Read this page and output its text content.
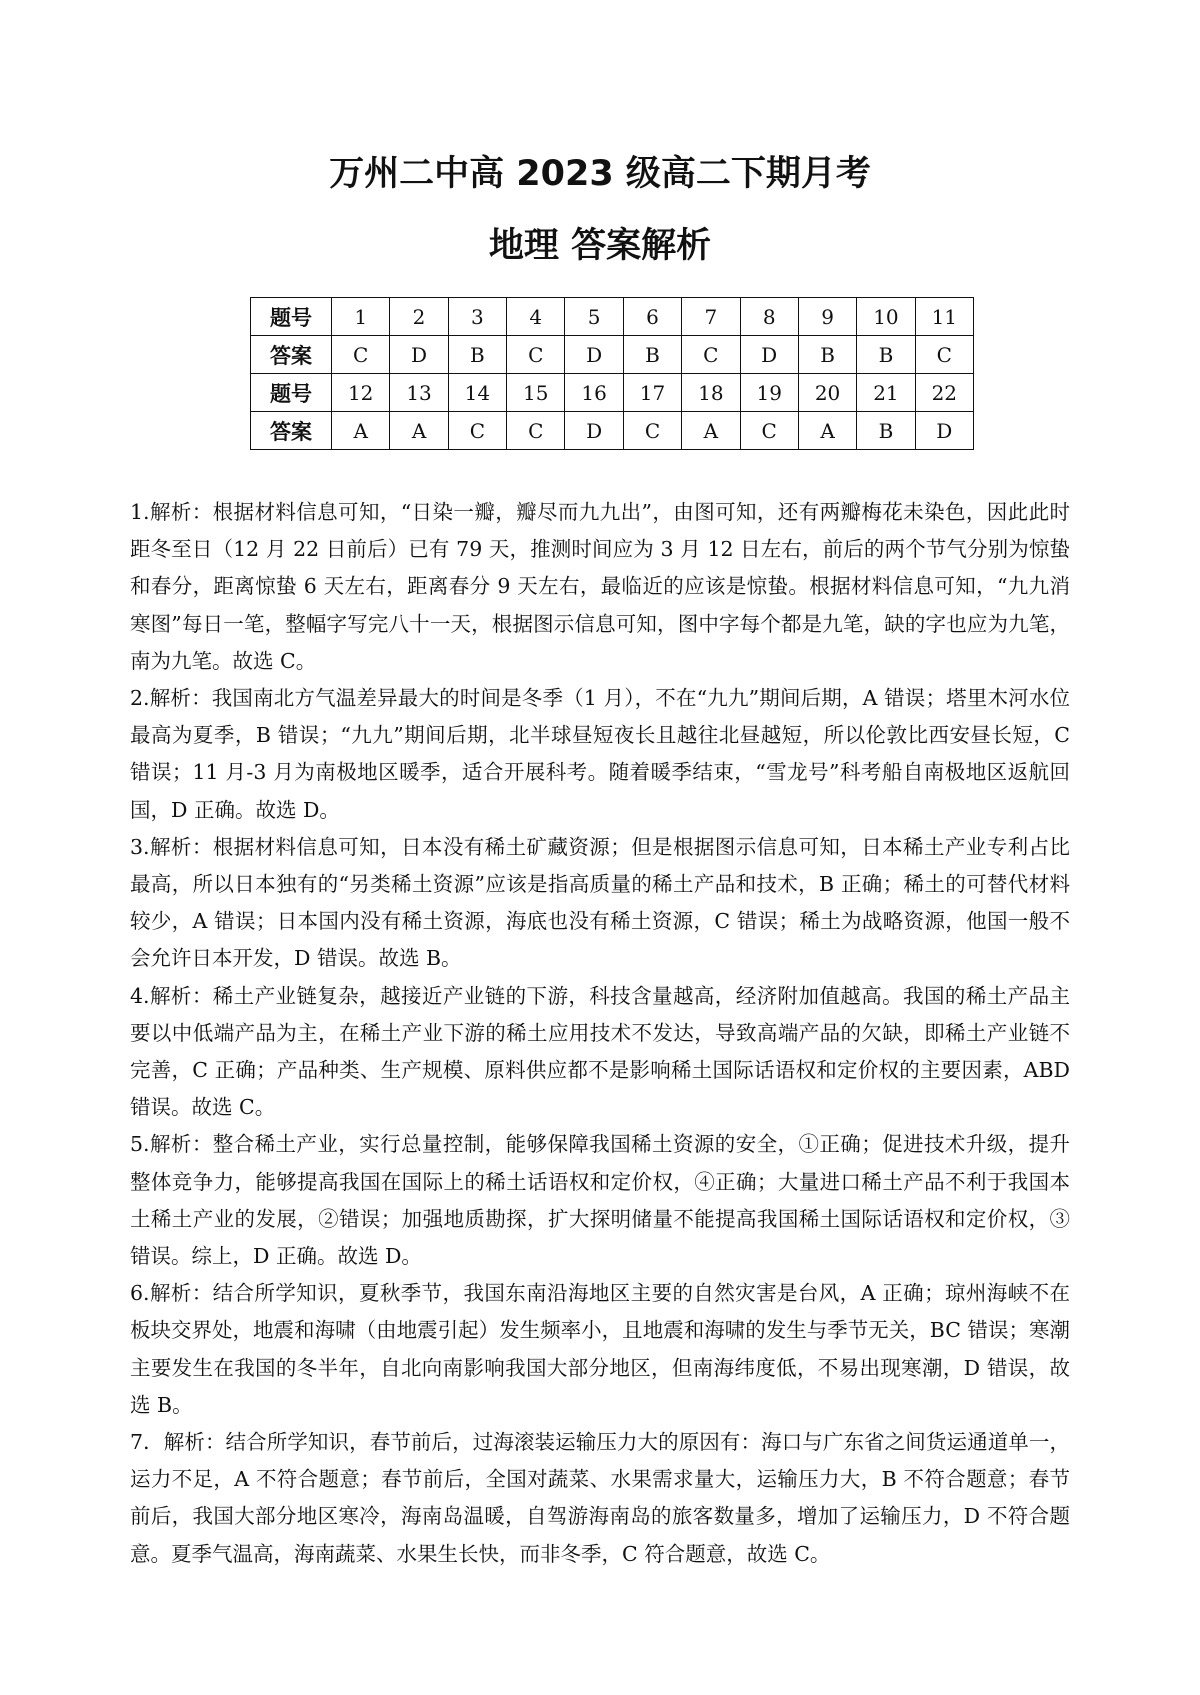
万州二中高 2023 级高二下期月考
地理 答案解析
题号	1	2	3	4	5	6	7	8	9	10	11
答案	C	D	B	C	D	B	C	D	B	B	C
题号	12	13	14	15	16	17	18	19	20	21	22
答案	A	A	C	C	D	C	A	C	A	B	D

1.解析：根据材料信息可知，“日染一瓣，瓣尽而九九出”，由图可知，还有两瓣梅花未染色，因此此时距冬至日（12 月 22 日前后）已有 79 天，推测时间应为 3 月 12 日左右，前后的两个节气分别为惊蛰和春分，距离惊蛰 6 天左右，距离春分 9 天左右，最临近的应该是惊蛰。根据材料信息可知，“九九消寒图”每日一笔，整幅字写完八十一天，根据图示信息可知，图中字每个都是九笔，缺的字也应为九笔，南为九笔。故选 C。

2.解析：我国南北方气温差异最大的时间是冬季（1 月），不在“九九”期间后期，A 错误；塔里木河水位最高为夏季，B 错误；“九九”期间后期，北半球昼短夜长且越往北昼越短，所以伦敦比西安昼长短，C 错误；11 月-3 月为南极地区暖季，适合开展科考。随着暖季结束，“雪龙号”科考船自南极地区返航回国，D 正确。故选 D。

3.解析：根据材料信息可知，日本没有稀土矿藏资源；但是根据图示信息可知，日本稀土产业专利占比最高，所以日本独有的“另类稀土资源”应该是指高质量的稀土产品和技术，B 正确；稀土的可替代材料较少，A 错误；日本国内没有稀土资源，海底也没有稀土资源，C 错误；稀土为战略资源，他国一般不会允许日本开发，D 错误。故选 B。

4.解析：稀土产业链复杂，越接近产业链的下游，科技含量越高，经济附加值越高。我国的稀土产品主要以中低端产品为主，在稀土产业下游的稀土应用技术不发达，导致高端产品的欠缺，即稀土产业链不完善，C 正确；产品种类、生产规模、原料供应都不是影响稀土国际话语权和定价权的主要因素，ABD 错误。故选 C。

5.解析：整合稀土产业，实行总量控制，能够保障我国稀土资源的安全，①正确；促进技术升级，提升整体竞争力，能够提高我国在国际上的稀土话语权和定价权，④正确；大量进口稀土产品不利于我国本土稀土产业的发展，②错误；加强地质勘探，扩大探明储量不能提高我国稀土国际话语权和定价权，③错误。综上，D 正确。故选 D。

6.解析：结合所学知识，夏秋季节，我国东南沿海地区主要的自然灾害是台风，A 正确；琼州海峡不在板块交界处，地震和海啸（由地震引起）发生频率小，且地震和海啸的发生与季节无关，BC 错误；寒潮主要发生在我国的冬半年，自北向南影响我国大部分地区，但南海纬度低，不易出现寒潮，D 错误，故选 B。

7．解析：结合所学知识，春节前后，过海滚装运输压力大的原因有：海口与广东省之间货运通道单一，运力不足，A 不符合题意；春节前后，全国对蔬菜、水果需求量大，运输压力大，B 不符合题意；春节前后，我国大部分地区寒冷，海南岛温暖，自驾游海南岛的旅客数量多，增加了运输压力，D 不符合题意。夏季气温高，海南蔬菜、水果生长快，而非冬季，C 符合题意，故选 C。
